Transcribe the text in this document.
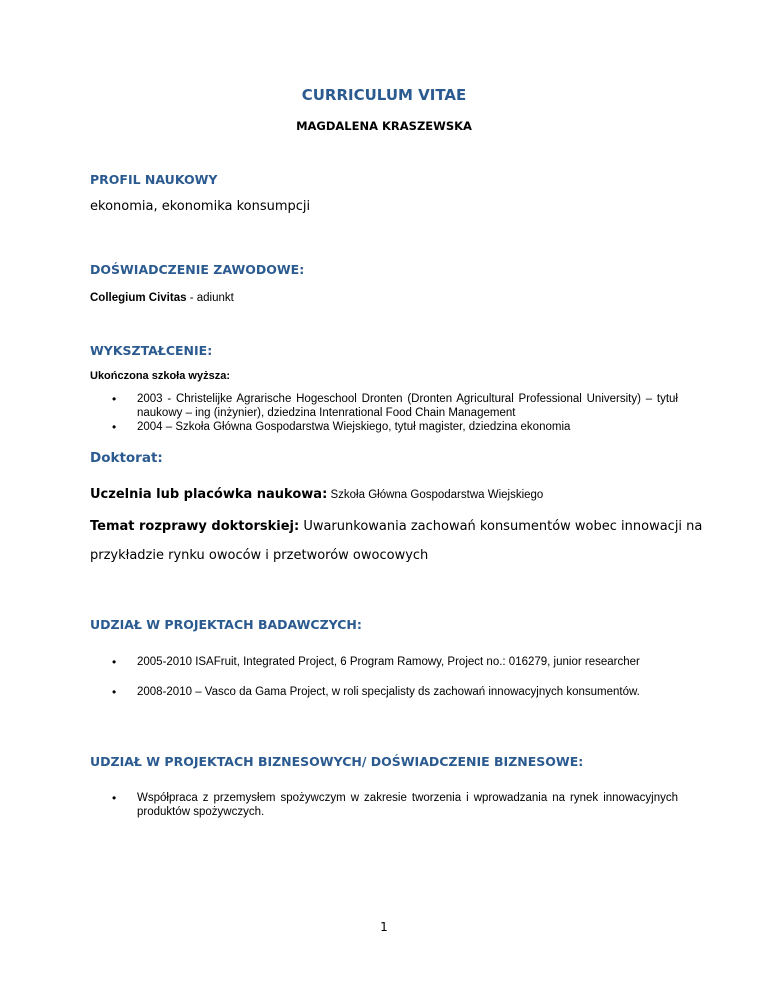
CURRICULUM VITAE
MAGDALENA KRASZEWSKA
PROFIL NAUKOWY
ekonomia, ekonomika konsumpcji
DOŚWIADCZENIE ZAWODOWE:
Collegium Civitas - adiunkt
WYKSZTAŁCENIE:
Ukończona szkoła wyższa:
• 2003 - Christelijke Agrarische Hogeschool Dronten (Dronten Agricultural Professional University) – tytuł naukowy – ing (inżynier), dziedzina Intenrational Food Chain Management
• 2004 – Szkoła Główna Gospodarstwa Wiejskiego, tytuł magister, dziedzina ekonomia
Doktorat:
Uczelnia lub placówka naukowa: Szkoła Główna Gospodarstwa Wiejskiego
Temat rozprawy doktorskiej: Uwarunkowania zachowań konsumentów wobec innowacji na
przykładzie rynku owoców i przetworów owocowych
UDZIAŁ W PROJEKTACH BADAWCZYCH:
• 2005-2010 ISAFruit, Integrated Project, 6 Program Ramowy, Project no.: 016279, junior researcher
• 2008-2010 – Vasco da Gama Project, w roli specjalisty ds zachowań innowacyjnych konsumentów.
UDZIAŁ W PROJEKTACH BIZNESOWYCH/ DOŚWIADCZENIE BIZNESOWE:
• Współpraca z przemysłem spożywczym w zakresie tworzenia i wprowadzania na rynek innowacyjnych produktów spożywczych.
1
